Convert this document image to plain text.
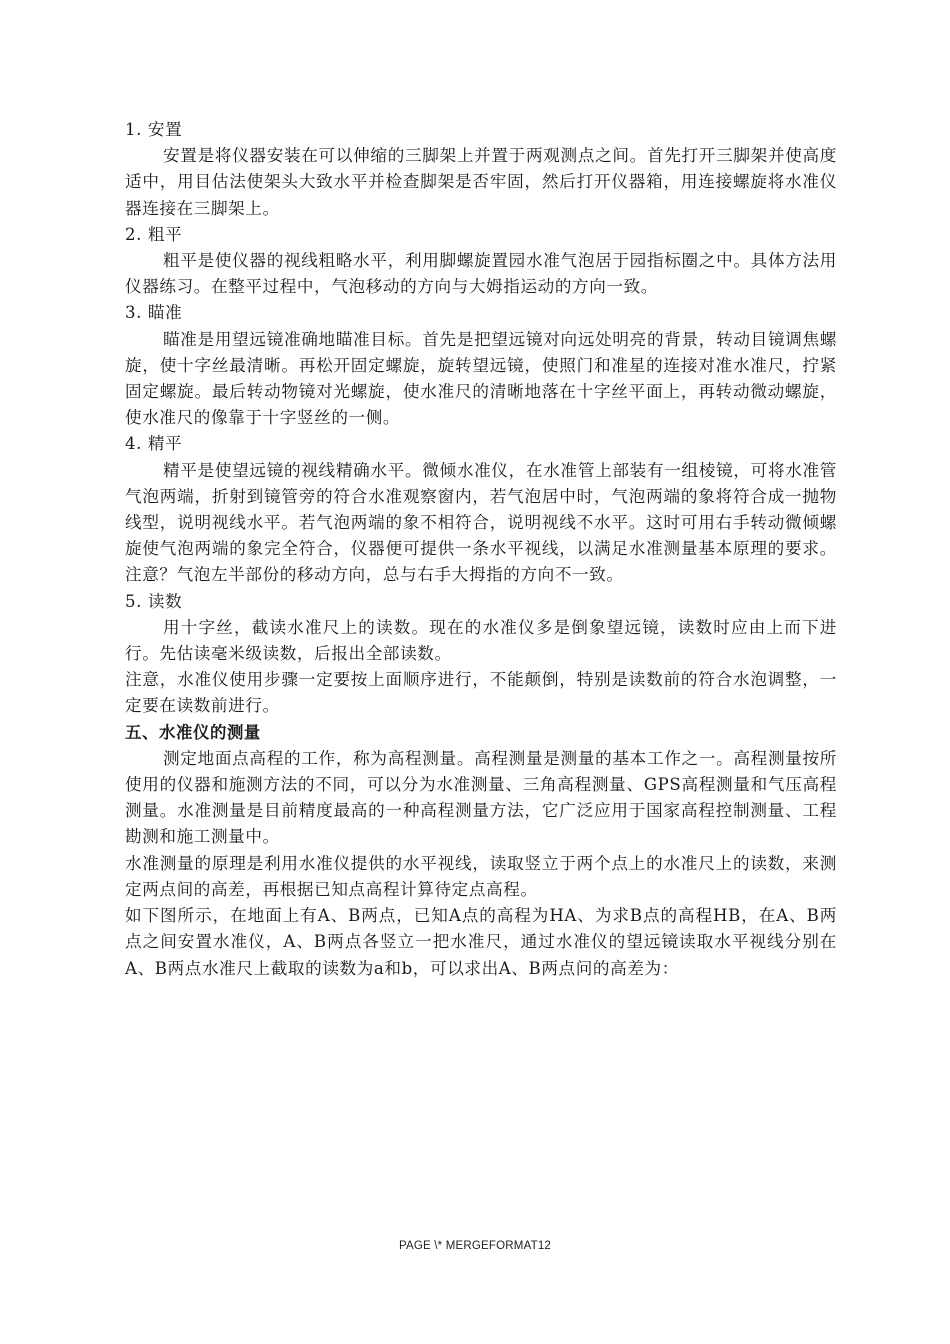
1. 安置

安置是将仪器安装在可以伸缩的三脚架上并置于两观测点之间。首先打开三脚架并使高度适中，用目估法使架头大致水平并检查脚架是否牢固，然后打开仪器箱，用连接螺旋将水准仪器连接在三脚架上。

2. 粗平

粗平是使仪器的视线粗略水平，利用脚螺旋置园水准气泡居于园指标圈之中。具体方法用仪器练习。在整平过程中，气泡移动的方向与大姆指运动的方向一致。

3. 瞄准

瞄准是用望远镜准确地瞄准目标。首先是把望远镜对向远处明亮的背景，转动目镜调焦螺旋，使十字丝最清晰。再松开固定螺旋，旋转望远镜，使照门和准星的连接对准水准尺，拧紧固定螺旋。最后转动物镜对光螺旋，使水准尺的清晰地落在十字丝平面上，再转动微动螺旋，使水准尺的像靠于十字竖丝的一侧。

4. 精平

精平是使望远镜的视线精确水平。微倾水准仪，在水准管上部装有一组棱镜，可将水准管气泡两端，折射到镜管旁的符合水准观察窗内，若气泡居中时，气泡两端的象将符合成一抛物线型，说明视线水平。若气泡两端的象不相符合，说明视线不水平。这时可用右手转动微倾螺旋使气泡两端的象完全符合，仪器便可提供一条水平视线，以满足水准测量基本原理的要求。注意？气泡左半部份的移动方向，总与右手大拇指的方向不一致。

5. 读数

用十字丝，截读水准尺上的读数。现在的水准仪多是倒象望远镜，读数时应由上而下进行。先估读毫米级读数，后报出全部读数。

注意，水准仪使用步骤一定要按上面顺序进行，不能颠倒，特别是读数前的符合水泡调整，一定要在读数前进行。

五、水准仪的测量

测定地面点高程的工作，称为高程测量。高程测量是测量的基本工作之一。高程测量按所使用的仪器和施测方法的不同，可以分为水准测量、三角高程测量、GPS高程测量和气压高程测量。水准测量是目前精度最高的一种高程测量方法，它广泛应用于国家高程控制测量、工程勘测和施工测量中。

水准测量的原理是利用水准仪提供的水平视线，读取竖立于两个点上的水准尺上的读数，来测定两点间的高差，再根据已知点高程计算待定点高程。

如下图所示，在地面上有A、B两点，已知A点的高程为HA、为求B点的高程HB，在A、B两点之间安置水准仪，A、B两点各竖立一把水准尺，通过水准仪的望远镜读取水平视线分别在A、B两点水准尺上截取的读数为a和b，可以求出A、B两点问的高差为：

PAGE \* MERGEFORMAT12
